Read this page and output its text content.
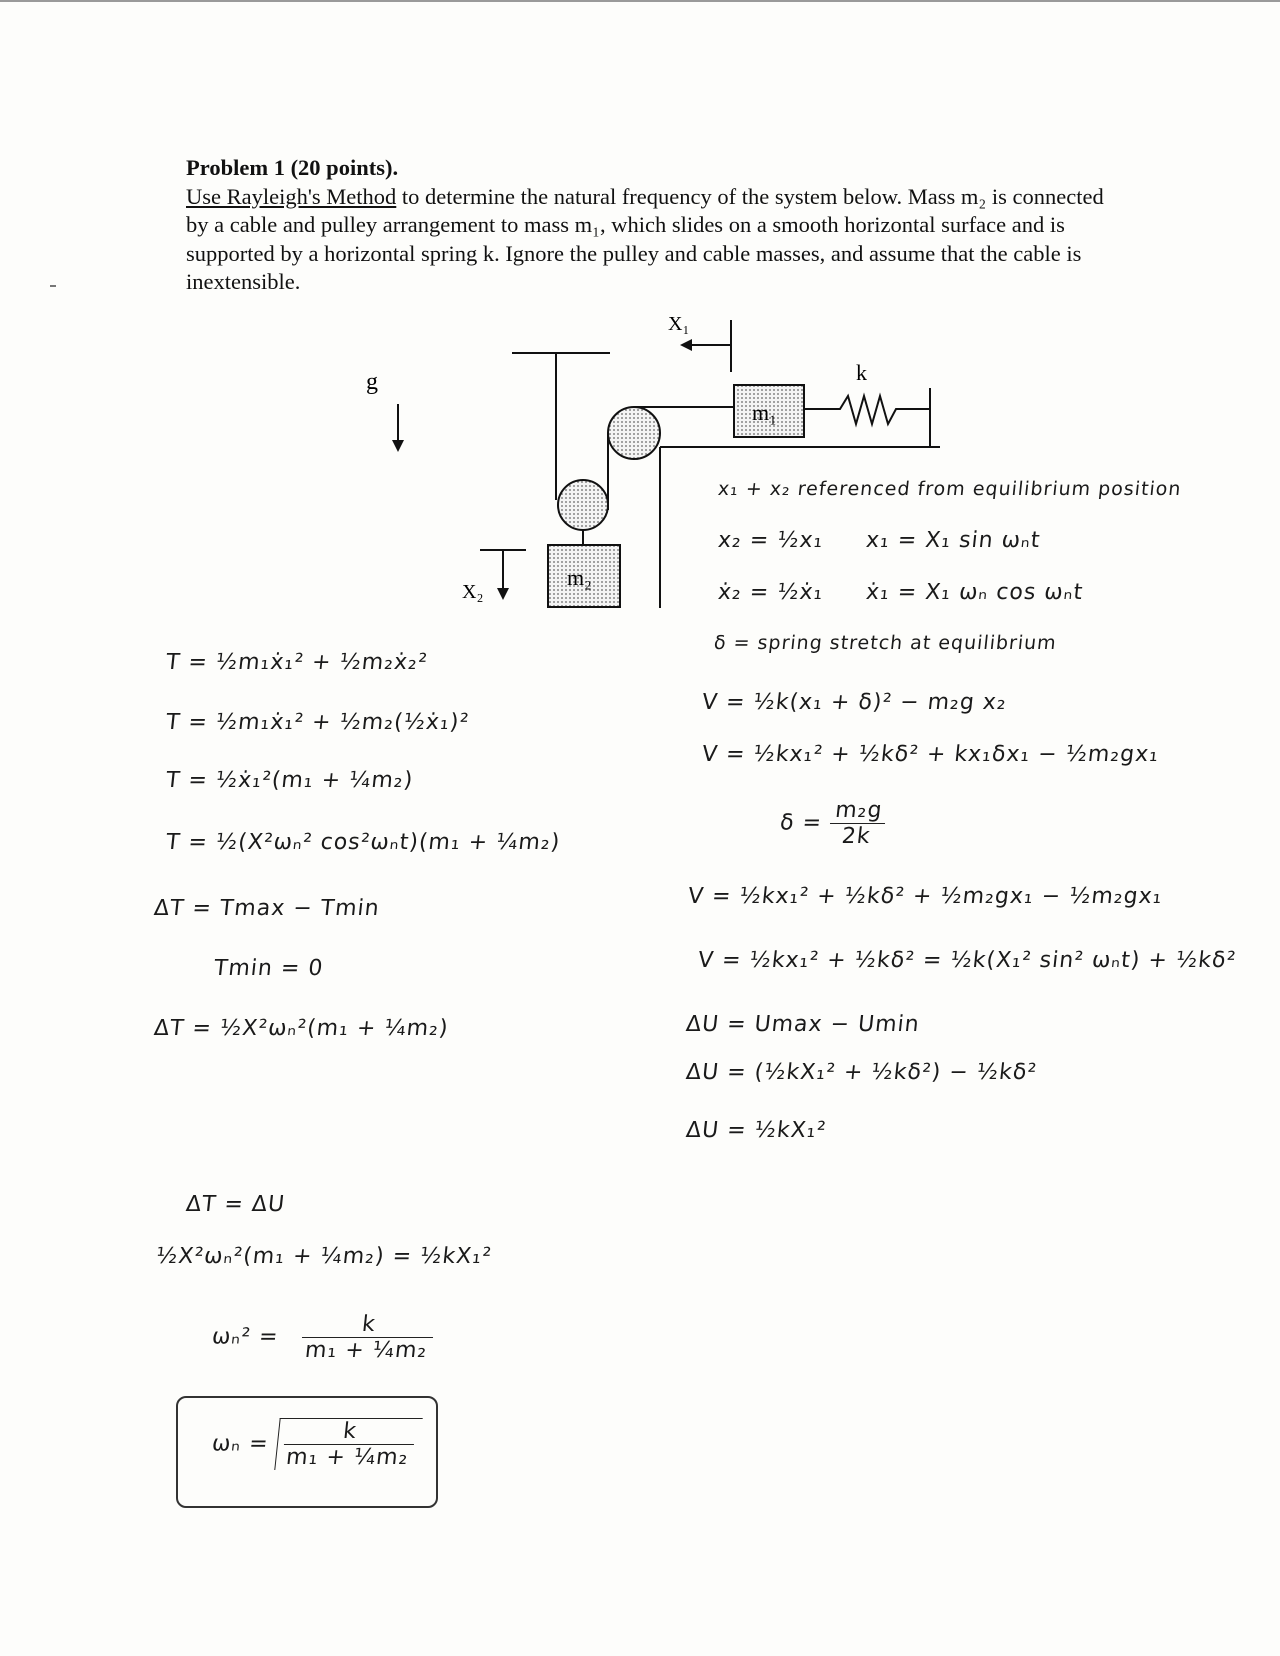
Problem 1 (20 points).
Use Rayleigh's Method to determine the natural frequency of the system below. Mass m₂ is connected by a cable and pulley arrangement to mass m₁, which slides on a smooth horizontal surface and is supported by a horizontal spring k. Ignore the pulley and cable masses, and assume that the cable is inextensible.
g
m₂
X₂
m₁
k
X₁
x₁ + x₂ referenced from equilibrium position
x₂ = ½x₁ x₁ = X₁ sin ωₙt
ẋ₂ = ½ẋ₁ ẋ₁ = X₁ ωₙ cos ωₙt
δ = spring stretch at equilibrium
V = ½k(x₁ + δ)² − m₂g x₂
V = ½kx₁² + ½kδ² + kx₁δx₁ − ½m₂gx₁
$\delta = \frac{\text{m₂g}}{2k}$
V = ½kx₁² + ½kδ² + ½m₂gx₁ − ½m₂gx₁
V = ½kx₁² + ½kδ² = ½k(X₁² sin² ωₙt) + ½kδ²
ΔU = Umax − Umin
ΔU = (½kX₁² + ½kδ²) − ½kδ²
ΔU = ½kX₁²
T = ½m₁ẋ₁² + ½m₂ẋ₂²
T = ½m₁ẋ₁² + ½m₂(½ẋ₁)²
T = ½ẋ₁²(m₁ + ¼m₂)
T = ½(X²ωₙ² cos²ωₙt)(m₁ + ¼m₂)
ΔT = Tmax − Tmin
Tmin = 0
ΔT = ½X²ωₙ²(m₁ + ¼m₂)
ΔT = ΔU
½X²ωₙ²(m₁ + ¼m₂) = ½kX₁²
$\omega_n^2 = \frac{k}{\text{m₁ + ¼m₂}}$
$\omega_n = \frac{k}{\text{m₁ + ¼m₂}}$
